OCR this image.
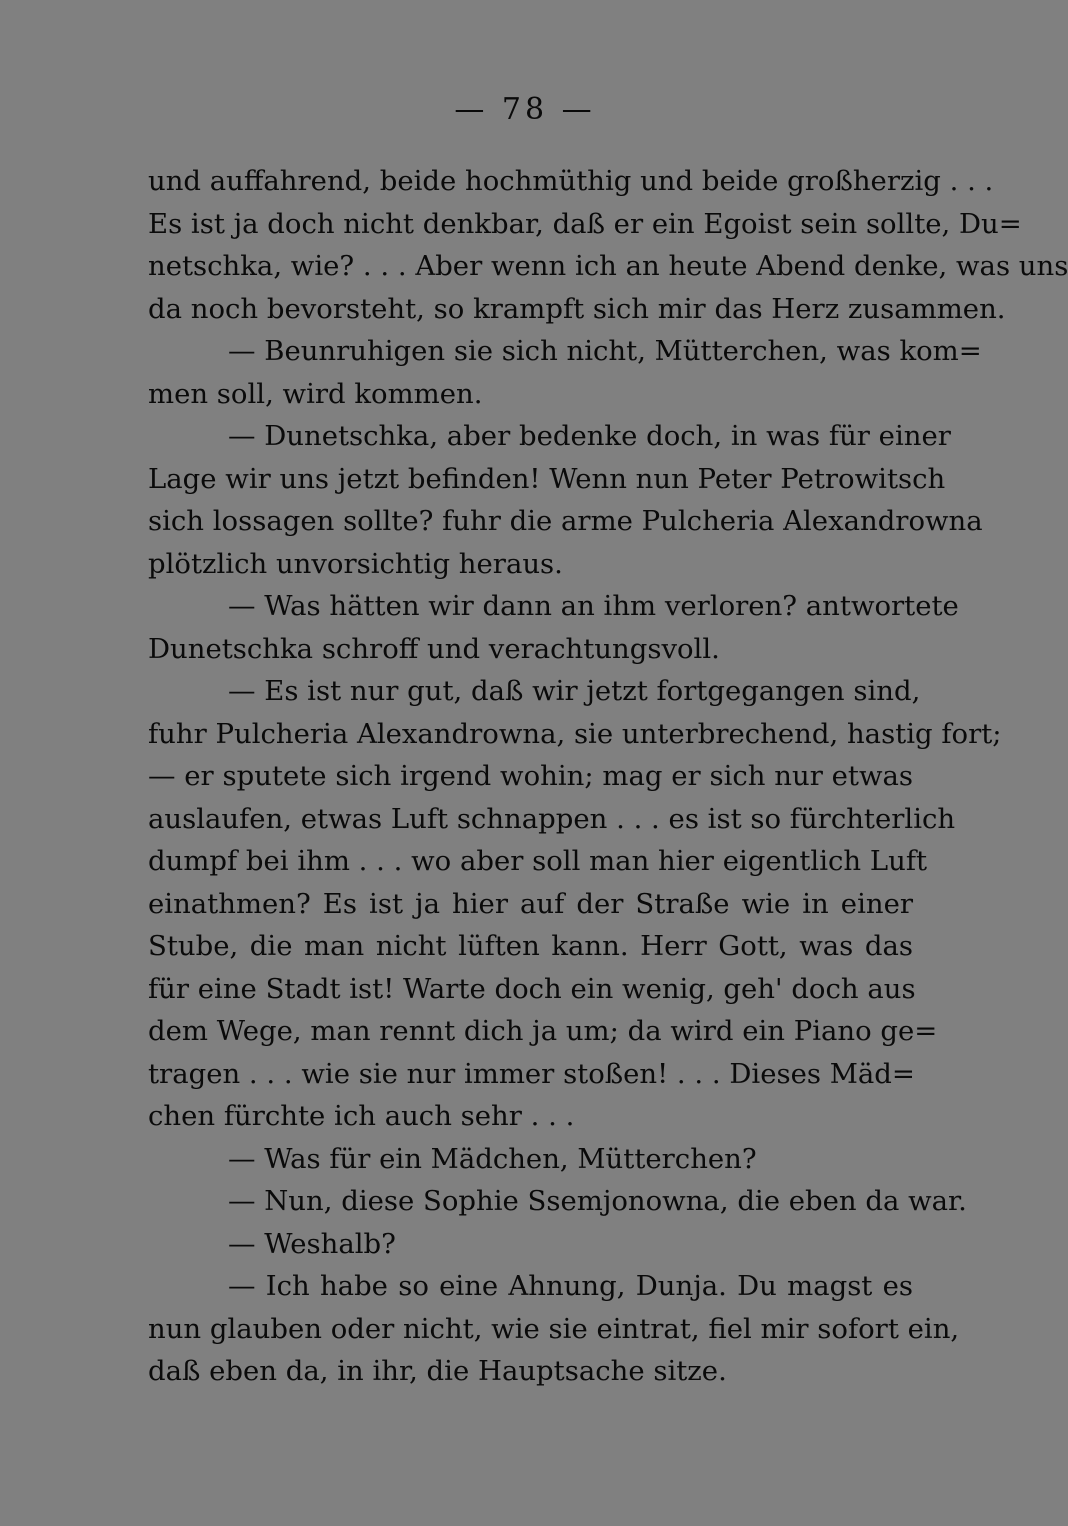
— 78 —
und auffahrend, beide hochmüthig und beide großherzig . . .
Es ist ja doch nicht denkbar, daß er ein Egoist sein sollte, Du=
netschka, wie? . . . Aber wenn ich an heute Abend denke, was uns
da noch bevorsteht, so krampft sich mir das Herz zusammen.
— Beunruhigen sie sich nicht, Mütterchen, was kom=
men soll, wird kommen.
— Dunetschka, aber bedenke doch, in was für einer
Lage wir uns jetzt befinden! Wenn nun Peter Petrowitsch
sich lossagen sollte? fuhr die arme Pulcheria Alexandrowna
plötzlich unvorsichtig heraus.
— Was hätten wir dann an ihm verloren? antwortete
Dunetschka schroff und verachtungsvoll.
— Es ist nur gut, daß wir jetzt fortgegangen sind,
fuhr Pulcheria Alexandrowna, sie unterbrechend, hastig fort;
— er sputete sich irgend wohin; mag er sich nur etwas
auslaufen, etwas Luft schnappen . . . es ist so fürchterlich
dumpf bei ihm . . . wo aber soll man hier eigentlich Luft
einathmen? Es ist ja hier auf der Straße wie in einer
Stube, die man nicht lüften kann. Herr Gott, was das
für eine Stadt ist! Warte doch ein wenig, geh' doch aus
dem Wege, man rennt dich ja um; da wird ein Piano ge=
tragen . . . wie sie nur immer stoßen! . . . Dieses Mäd=
chen fürchte ich auch sehr . . .
— Was für ein Mädchen, Mütterchen?
— Nun, diese Sophie Ssemjonowna, die eben da war.
— Weshalb?
— Ich habe so eine Ahnung, Dunja. Du magst es
nun glauben oder nicht, wie sie eintrat, fiel mir sofort ein,
daß eben da, in ihr, die Hauptsache sitze.
